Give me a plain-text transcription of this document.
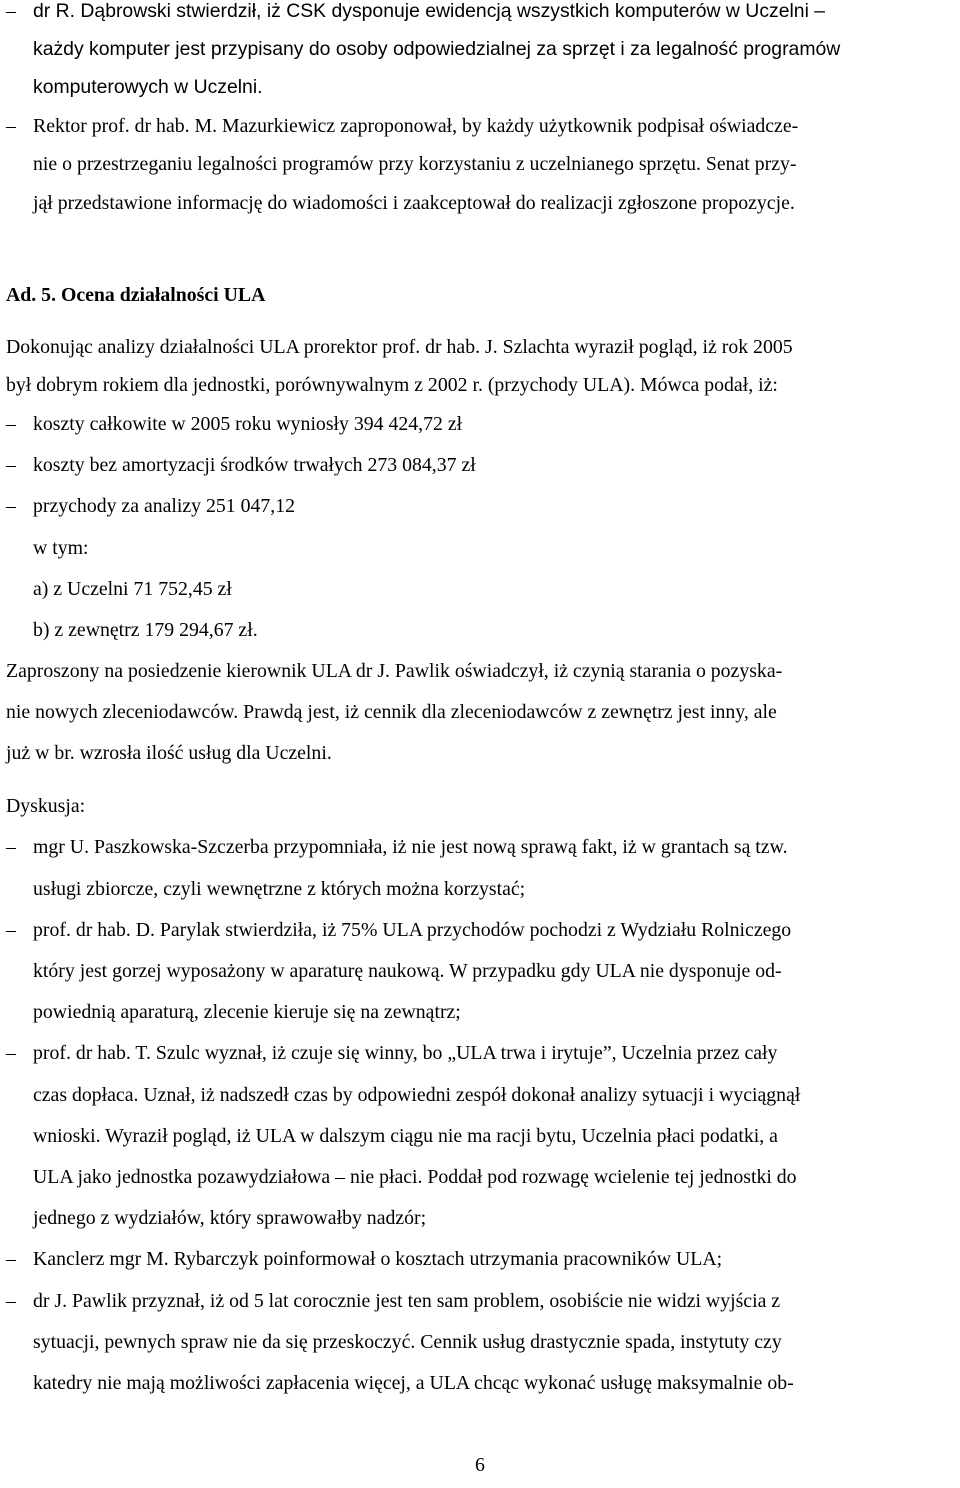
– dr R. Dąbrowski stwierdził, iż CSK dysponuje ewidencją wszystkich komputerów w Uczelni –
każdy komputer jest przypisany do osoby odpowiedzialnej za sprzęt i za legalność programów
komputerowych w Uczelni.
– Rektor prof. dr hab. M. Mazurkiewicz zaproponował, by każdy użytkownik podpisał oświadcze-
nie o przestrzeganiu legalności programów przy korzystaniu z uczelnianego sprzętu. Senat przy-
jął przedstawione informację do wiadomości i zaakceptował do realizacji zgłoszone propozycje.
Ad. 5. Ocena działalności ULA
Dokonując analizy działalności ULA prorektor prof. dr hab. J. Szlachta wyraził pogląd, iż rok 2005
był dobrym rokiem dla jednostki, porównywalnym z 2002 r. (przychody ULA). Mówca podał, iż:
– koszty całkowite w 2005 roku wyniosły 394 424,72 zł
– koszty bez amortyzacji środków trwałych 273 084,37 zł
– przychody za analizy 251 047,12
w tym:
a) z Uczelni 71 752,45 zł
b) z zewnętrz 179 294,67 zł.
Zaproszony na posiedzenie kierownik ULA dr J. Pawlik oświadczył, iż czynią starania o pozyska-
nie nowych zleceniodawców. Prawdą jest, iż cennik dla zleceniodawców z zewnętrz jest inny, ale
już w br. wzrosła ilość usług dla Uczelni.
Dyskusja:
– mgr U. Paszkowska-Szczerba przypomniała, iż nie jest nową sprawą fakt, iż w grantach są tzw.
usługi zbiorcze, czyli wewnętrzne z których można korzystać;
– prof. dr hab. D. Parylak stwierdziła, iż 75% ULA przychodów pochodzi z Wydziału Rolniczego
który jest gorzej wyposażony w aparaturę naukową. W przypadku gdy ULA nie dysponuje od-
powiednią aparaturą, zlecenie kieruje się na zewnątrz;
– prof. dr hab. T. Szulc wyznał, iż czuje się winny, bo „ULA trwa i irytuje”, Uczelnia przez cały
czas dopłaca. Uznał, iż nadszedł czas by odpowiedni zespół dokonał analizy sytuacji i wyciągnął
wnioski. Wyraził pogląd, iż ULA w dalszym ciągu nie ma racji bytu, Uczelnia płaci podatki, a
ULA jako jednostka pozawydziałowa – nie płaci. Poddał pod rozwagę wcielenie tej jednostki do
jednego z wydziałów, który sprawowałby nadzór;
– Kanclerz mgr M. Rybarczyk poinformował o kosztach utrzymania pracowników ULA;
– dr J. Pawlik przyznał, iż od 5 lat corocznie jest ten sam problem, osobiście nie widzi wyjścia z
sytuacji, pewnych spraw nie da się przeskoczyć. Cennik usług drastycznie spada, instytuty czy
katedry nie mają możliwości zapłacenia więcej, a ULA chcąc wykonać usługę maksymalnie ob-
6
